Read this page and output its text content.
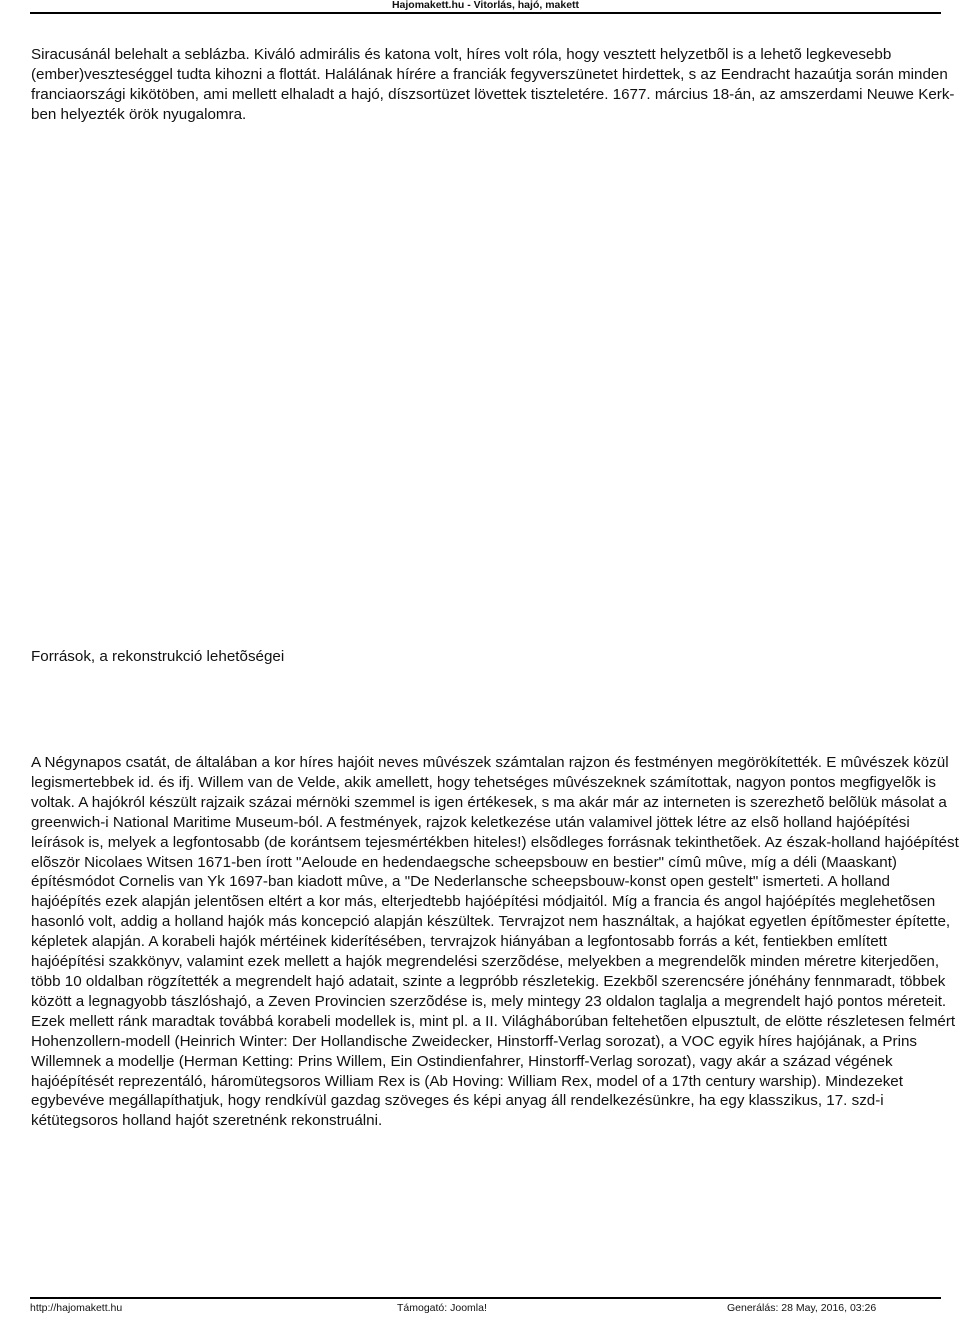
Hajomakett.hu - Vitorlás, hajó, makett

Siracusánál belehalt a seblázba. Kiváló admirális és katona volt, híres volt róla, hogy vesztett helyzetbõl is a lehetõ legkevesebb (ember)veszteséggel tudta kihozni a flottát. Halálának hírére a franciák fegyverszünetet hirdettek, s az Eendracht hazaútja során minden franciaországi kikötöben, ami mellett elhaladt a hajó, díszsortüzet lövettek tiszteletére. 1677. március 18-án, az amszerdami Neuwe Kerk-ben helyezték örök nyugalomra.

Források, a rekonstrukció lehetõségei

A Négynapos csatát, de általában a kor híres hajóit neves mûvészek számtalan rajzon és festményen megörökítették. E mûvészek közül legismertebbek id. és ifj. Willem van de Velde, akik amellett, hogy tehetséges mûvészeknek számítottak, nagyon pontos megfigyelõk is voltak. A hajókról készült rajzaik százai mérnöki szemmel is igen értékesek, s ma akár már az interneten is szerezhetõ belõlük másolat a greenwich-i National Maritime Museum-ból. A festmények, rajzok keletkezése után valamivel jöttek létre az elsõ holland hajóépítési leírások is, melyek a legfontosabb (de korántsem tejesmértékben hiteles!) elsõdleges forrásnak tekinthetõek. Az észak-holland hajóépítést elõször Nicolaes Witsen 1671-ben írott "Aeloude en hedendaegsche scheepsbouw en bestier" címû mûve, míg a déli (Maaskant) építésmódot Cornelis van Yk 1697-ban kiadott mûve, a "De Nederlansche scheepsbouw-konst open gestelt" ismerteti. A holland hajóépítés ezek alapján jelentõsen eltért a kor más, elterjedtebb hajóépítési módjaitól. Míg a francia és angol hajóépítés meglehetõsen hasonló volt, addig a holland hajók más koncepció alapján készültek. Tervrajzot nem használtak, a hajókat egyetlen építõmester építette, képletek alapján. A korabeli hajók mértéinek kiderítésében, tervrajzok hiányában a legfontosabb forrás a két, fentiekben említett hajóépítési szakkönyv, valamint ezek mellett a hajók megrendelési szerzõdése, melyekben a megrendelõk minden méretre kiterjedõen, több 10 oldalban rögzítették a megrendelt hajó adatait, szinte a legpróbb részletekig. Ezekbõl szerencsére jónéhány fennmaradt, többek között a legnagyobb tászlóshajó, a Zeven Provincien szerzõdése is, mely mintegy 23 oldalon taglalja a megrendelt hajó pontos méreteit. Ezek mellett ránk maradtak továbbá korabeli modellek is, mint pl. a II. Világháborúban feltehetõen elpusztult, de elötte részletesen felmért Hohenzollern-modell (Heinrich Winter: Der Hollandische Zweidecker, Hinstorff-Verlag sorozat), a VOC egyik híres hajójának, a Prins Willemnek a modellje (Herman Ketting: Prins Willem, Ein Ostindienfahrer, Hinstorff-Verlag sorozat), vagy akár a század végének hajóépítését reprezentáló, háromütegsoros William Rex is (Ab Hoving: William Rex, model of a 17th century warship). Mindezeket egybevéve megállapíthatjuk, hogy rendkívül gazdag szöveges és képi anyag áll rendelkezésünkre, ha egy klasszikus, 17. szd-i kétütegsoros holland hajót szeretnénk rekonstruálni.

http://hajomakett.hu	Támogató: Joomla!	Generálás: 28 May, 2016, 03:26
